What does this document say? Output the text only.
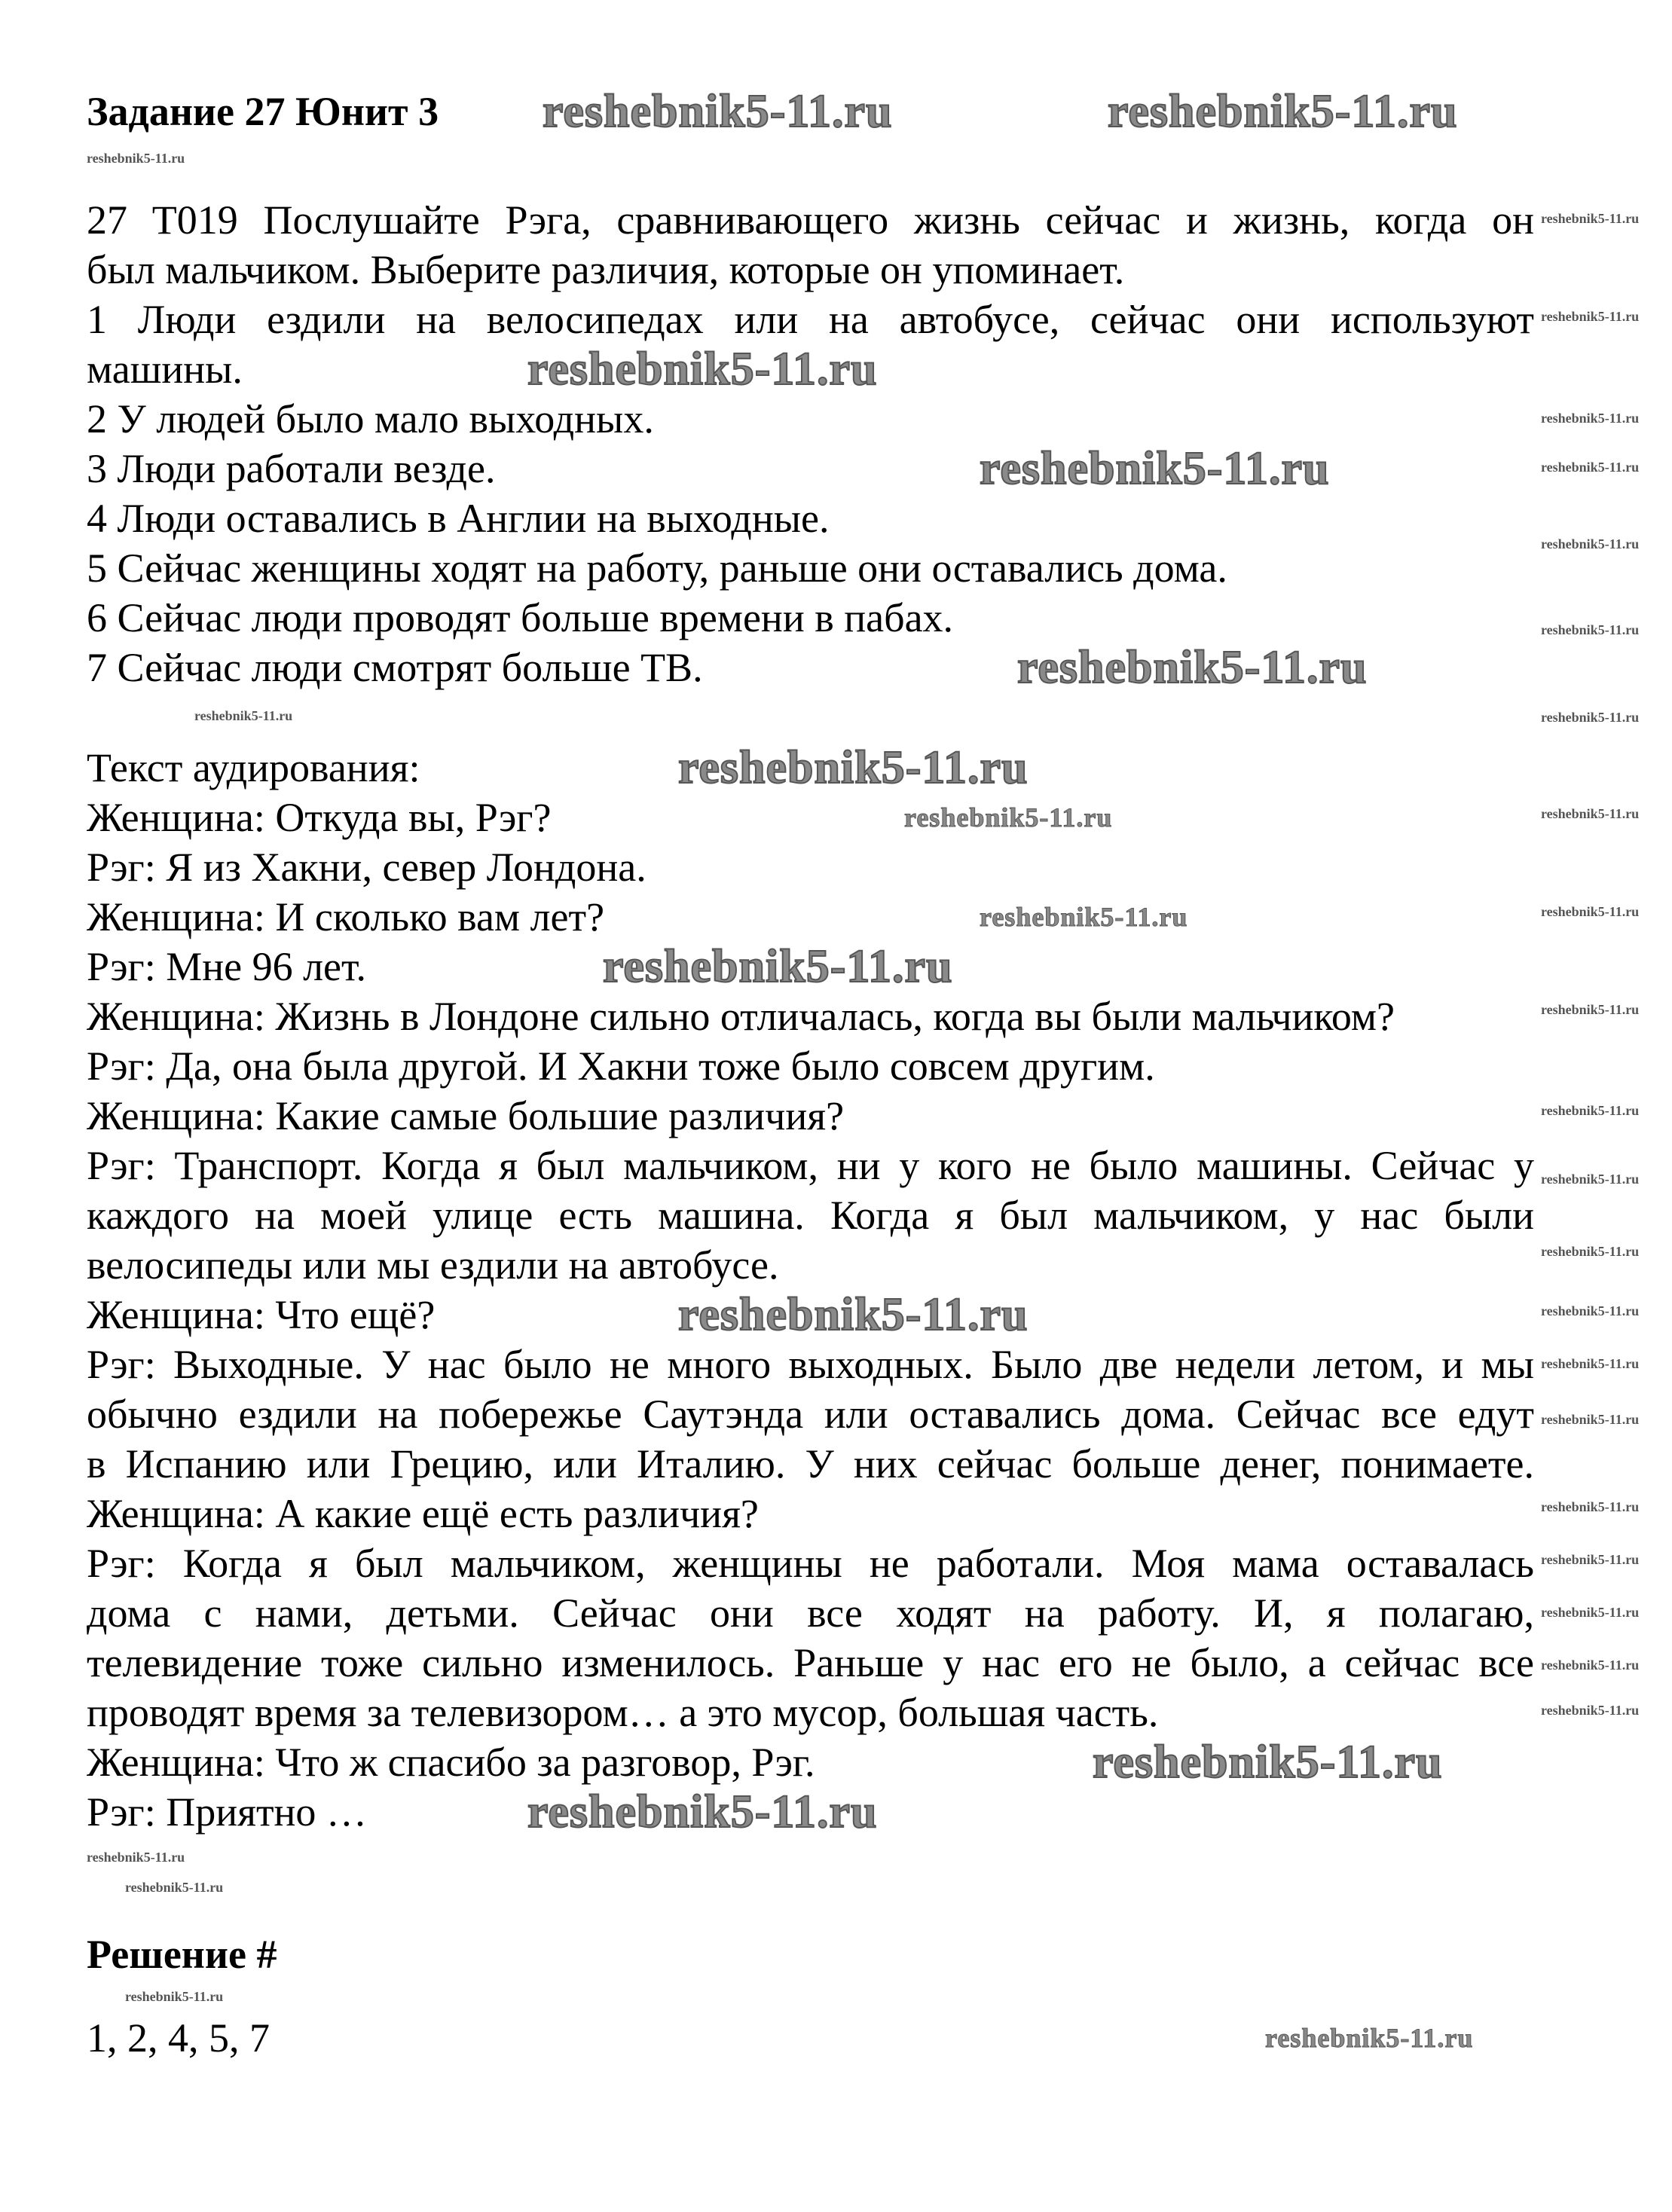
Задание 27 Юнит 3
27 T019 Послушайте Рэга, сравнивающего жизнь сейчас и жизнь, когда он
был мальчиком. Выберите различия, которые он упоминает.
1 Люди ездили на велосипедах или на автобусе, сейчас они используют
машины.
2 У людей было мало выходных.
3 Люди работали везде.
4 Люди оставались в Англии на выходные.
5 Сейчас женщины ходят на работу, раньше они оставались дома.
6 Сейчас люди проводят больше времени в пабах.
7 Сейчас люди смотрят больше ТВ.
Текст аудирования:
Женщина: Откуда вы, Рэг?
Рэг: Я из Хакни, север Лондона.
Женщина: И сколько вам лет?
Рэг: Мне 96 лет.
Женщина: Жизнь в Лондоне сильно отличалась, когда вы были мальчиком?
Рэг: Да, она была другой. И Хакни тоже было совсем другим.
Женщина: Какие самые большие различия?
Рэг: Транспорт. Когда я был мальчиком, ни у кого не было машины. Сейчас у
каждого на моей улице есть машина. Когда я был мальчиком, у нас были
велосипеды или мы ездили на автобусе.
Женщина: Что ещё?
Рэг: Выходные. У нас было не много выходных. Было две недели летом, и мы
обычно ездили на побережье Саутэнда или оставались дома. Сейчас все едут
в Испанию или Грецию, или Италию. У них сейчас больше денег, понимаете.
Женщина: А какие ещё есть различия?
Рэг: Когда я был мальчиком, женщины не работали. Моя мама оставалась
дома с нами, детьми. Сейчас они все ходят на работу. И, я полагаю,
телевидение тоже сильно изменилось. Раньше у нас его не было, а сейчас все
проводят время за телевизором… а это мусор, большая часть.
Женщина: Что ж спасибо за разговор, Рэг.
Рэг: Приятно …
Решение #
1, 2, 4, 5, 7
reshebnik5-11.ru	reshebnik5-11.ru
reshebnik5-11.ru
reshebnik5-11.ru
reshebnik5-11.ru
reshebnik5-11.ru
reshebnik5-11.ru
reshebnik5-11.ru
reshebnik5-11.ru
reshebnik5-11.ru
reshebnik5-11.ru
reshebnik5-11.ru
reshebnik5-11.ru
reshebnik5-11.ru
reshebnik5-11.ru
reshebnik5-11.ru
reshebnik5-11.ru
reshebnik5-11.ru
reshebnik5-11.ru
reshebnik5-11.ru
reshebnik5-11.ru
reshebnik5-11.ru
reshebnik5-11.ru
reshebnik5-11.ru
reshebnik5-11.ru
reshebnik5-11.ru
reshebnik5-11.ru
reshebnik5-11.ru
reshebnik5-11.ru
reshebnik5-11.ru
reshebnik5-11.ru
reshebnik5-11.ru
reshebnik5-11.ru
reshebnik5-11.ru
reshebnik5-11.ru
reshebnik5-11.ru
reshebnik5-11.ru
reshebnik5-11.ru
reshebnik5-11.ru
